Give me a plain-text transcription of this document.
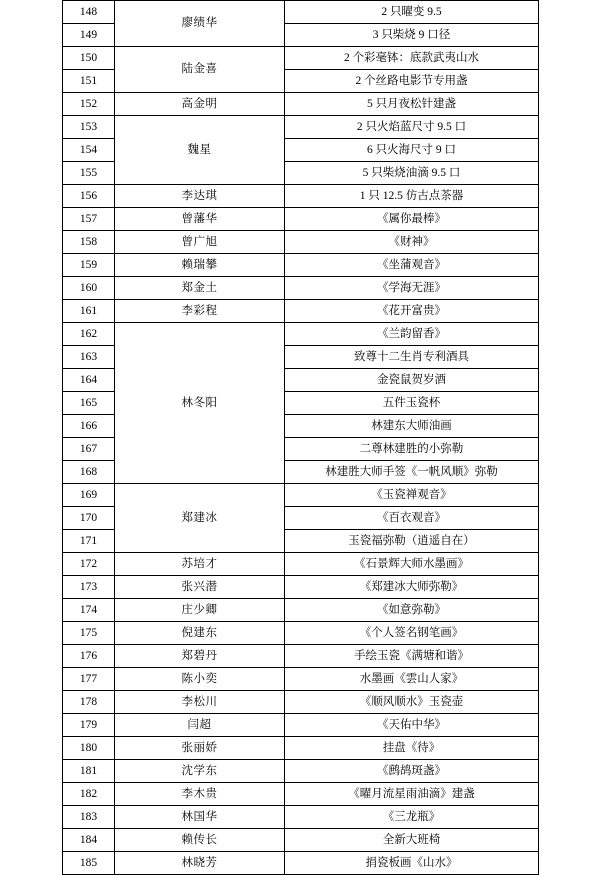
148	廖绩华	2 只曜变 9.5
149		3 只柴烧 9 口径
150	陆金喜	2 个彩毫钵：底款武夷山水
151		2 个丝路电影节专用盏
152	高金明	5 只月夜松针建盏
153	魏星	2 只火焰蓝尺寸 9.5 口
154		6 只火海尺寸 9 口
155		5 只柴烧油滴 9.5 口
156	李达琪	1 只 12.5 仿古点茶器
157	曾藩华	《属你最棒》
158	曾广旭	《财神》
159	赖瑞攀	《坐蒲观音》
160	郑金土	《学海无涯》
161	李彩程	《花开富贵》
162	林冬阳	《兰韵留香》
163		致尊十二生肖专利酒具
164		金瓷鼠贺岁酒
165		五件玉瓷杯
166		林建东大师油画
167		二尊林建胜的小弥勒
168		林建胜大师手签《一帆风顺》弥勒
169	郑建冰	《玉瓷禅观音》
170		《百衣观音》
171		玉瓷福弥勒（逍遥自在）
172	苏培才	《石景辉大师水墨画》
173	张兴潜	《郑建冰大师弥勒》
174	庄少卿	《如意弥勒》
175	倪建东	《个人签名钢笔画》
176	郑碧丹	手绘玉瓷《满塘和谐》
177	陈小奕	水墨画《雲山人家》
178	李松川	《顺风顺水》玉瓷壶
179	闫超	《天佑中华》
180	张丽娇	挂盘《待》
181	沈学东	《鹧鸪斑盏》
182	李木贵	《曜月流星雨油滴》建盏
183	林国华	《三龙瓶》
184	赖传长	全新大班椅
185	林晓芳	捐瓷板画《山水》
